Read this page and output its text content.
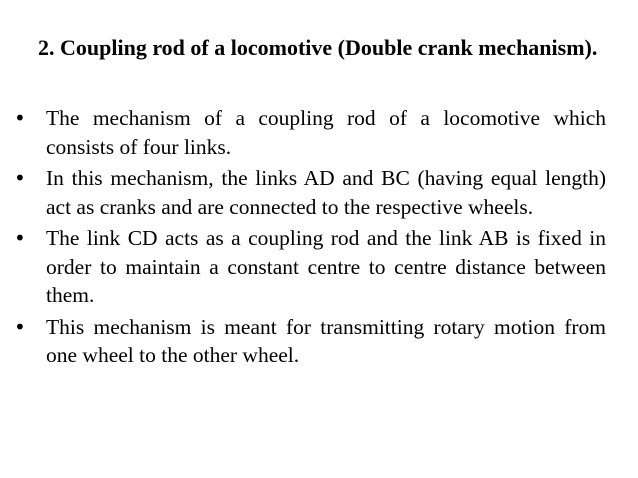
2. Coupling rod of a locomotive (Double crank mechanism).

• The mechanism of a coupling rod of a locomotive which consists of four links.
• In this mechanism, the links AD and BC (having equal length) act as cranks and are connected to the respective wheels.
• The link CD acts as a coupling rod and the link AB is fixed in order to maintain a constant centre to centre distance between them.
• This mechanism is meant for transmitting rotary motion from one wheel to the other wheel.
